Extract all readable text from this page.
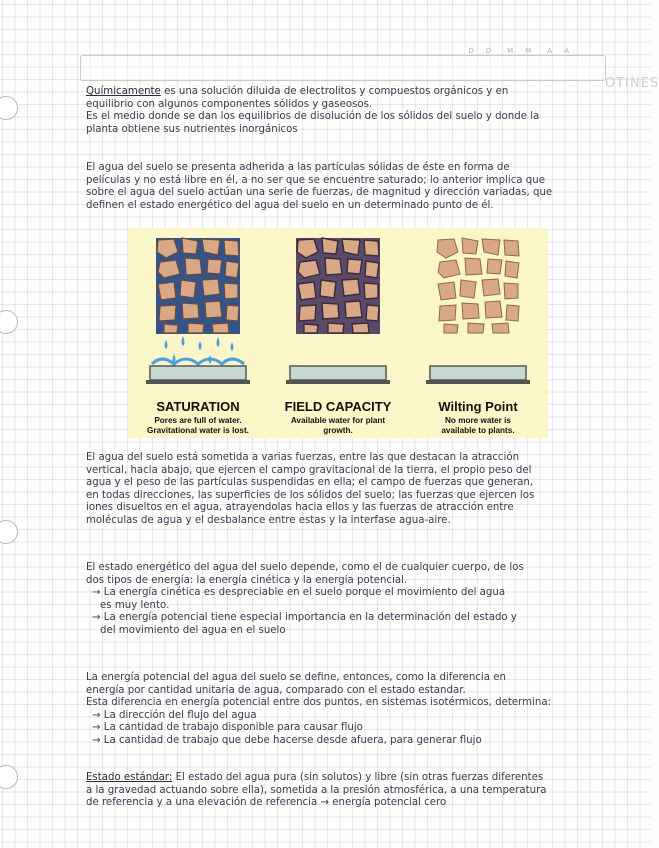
DD MM AA
OTINES

Químicamente es una solución diluida de electrolitos y compuestos orgánicos y en

equilibrio con algunos componentes sólidos y gaseosos.

Es el medio donde se dan los equilibrios de disolución de los sólidos del suelo y donde la

planta obtiene sus nutrientes inorgánicos

El agua del suelo se presenta adherida a las partículas sólidas de éste en forma de

películas y no está libre en él, a no ser que se encuentre saturado; lo anterior implica que

sobre el agua del suelo actúan una serie de fuerzas, de magnitud y dirección variadas, que

definen el estado energético del agua del suelo en un determinado punto de él.

SATURATION
Pores are full of water.
Gravitational water is lost.
FIELD CAPACITY
Available water for plant
growth.
Wilting Point
No more water is
available to plants.

El agua del suelo está sometida a varias fuerzas, entre las que destacan la atracción

vertical, hacia abajo, que ejercen el campo gravitacional de la tierra, el propio peso del

agua y el peso de las partículas suspendidas en ella; el campo de fuerzas que generan,

en todas direcciones, las superficies de los sólidos del suelo; las fuerzas que ejercen los

iones disueltos en el agua, atrayendolas hacia ellos y las fuerzas de atracción entre

moléculas de agua y el desbalance entre estas y la interfase agua-aire.

El estado energético del agua del suelo depende, como el de cualquier cuerpo, de los

dos tipos de energía: la energía cinética y la energía potencial.

→ La energía cinética es despreciable en el suelo porque el movimiento del agua

es muy lento.

→ La energía potencial tiene especial importancia en la determinación del estado y

del movimiento del agua en el suelo

La energía potencial del agua del suelo se define, entonces, como la diferencia en

energía por cantidad unitaria de agua, comparado con el estado estandar.

Esta diferencia en energía potencial entre dos puntos, en sistemas isotérmicos, determina:

→ La dirección del flujo del agua

→ La cantidad de trabajo disponible para causar flujo

→ La cantidad de trabajo que debe hacerse desde afuera, para generar flujo

Estado estándar: El estado del agua pura (sin solutos) y libre (sin otras fuerzas diferentes

a la gravedad actuando sobre ella), sometida a la presión atmosférica, a una temperatura

de referencia y a una elevación de referencia → energía potencial cero
